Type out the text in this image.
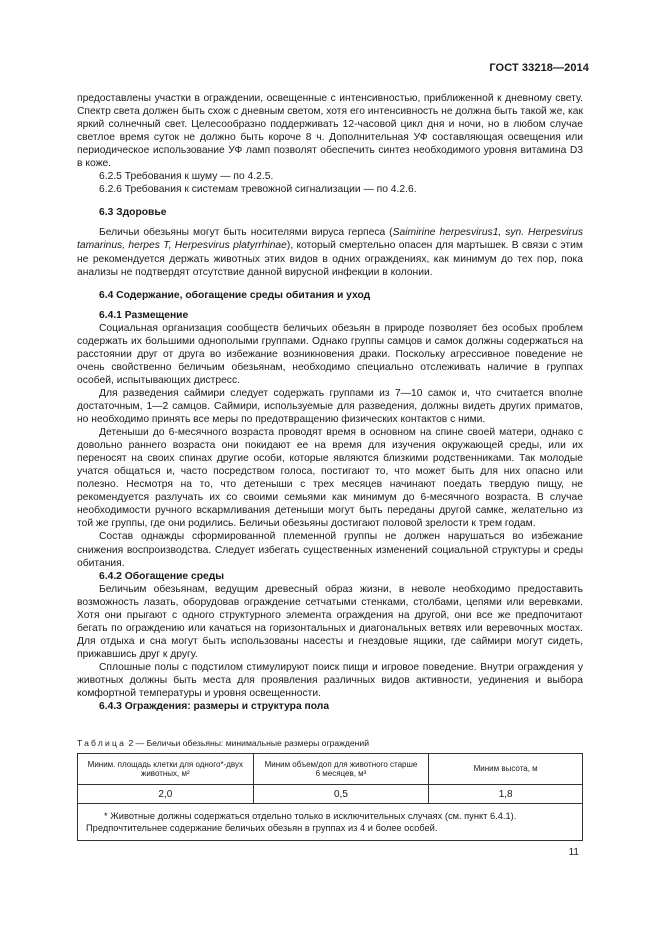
ГОСТ 33218—2014

предоставлены участки в ограждении, освещенные с интенсивностью, приближенной к дневному свету. Спектр света должен быть схож с дневным светом, хотя его интенсивность не должна быть такой же, как яркий солнечный свет. Целесообразно поддерживать 12-часовой цикл дня и ночи, но в любом случае светлое время суток не должно быть короче 8 ч. Дополнительная УФ составляющая освещения или периодическое использование УФ ламп позволят обеспечить синтез необходимого уровня витамина D3 в коже.

6.2.5 Требования к шуму — по 4.2.5.

6.2.6 Требования к системам тревожной сигнализации — по 4.2.6.

6.3 Здоровье

Беличьи обезьяны могут быть носителями вируса герпеса (Saimirine herpesvirus1, syn. Herpesvirus tamarinus, herpes T, Herpesvirus platyrrhinae), который смертельно опасен для мартышек. В связи с этим не рекомендуется держать животных этих видов в одних ограждениях, как минимум до тех пор, пока анализы не подтвердят отсутствие данной вирусной инфекции в колонии.

6.4 Содержание, обогащение среды обитания и уход

6.4.1 Размещение

Социальная организация сообществ беличьих обезьян в природе позволяет без особых проблем содержать их большими однополыми группами. Однако группы самцов и самок должны содержаться на расстоянии друг от друга во избежание возникновения драки. Поскольку агрессивное поведение не очень свойственно беличьим обезьянам, необходимо специально отслеживать наличие в группах особей, испытывающих дистресс.

Для разведения саймири следует содержать группами из 7—10 самок и, что считается вполне достаточным, 1—2 самцов. Саймири, используемые для разведения, должны видеть других приматов, но необходимо принять все меры по предотвращению физических контактов с ними.

Детеныши до 6-месячного возраста проводят время в основном на спине своей матери, однако с довольно раннего возраста они покидают ее на время для изучения окружающей среды, или их переносят на своих спинах другие особи, которые являются близкими родственниками. Так молодые учатся общаться и, часто посредством голоса, постигают то, что может быть для них опасно или полезно. Несмотря на то, что детеныши с трех месяцев начинают поедать твердую пищу, не рекомендуется разлучать их со своими семьями как минимум до 6-месячного возраста. В случае необходимости ручного вскармливания детеныши могут быть переданы другой самке, желательно из той же группы, где они родились. Беличьи обезьяны достигают половой зрелости к трем годам.

Состав однажды сформированной племенной группы не должен нарушаться во избежание снижения воспроизводства. Следует избегать существенных изменений социальной структуры и среды обитания.

6.4.2 Обогащение среды

Беличьим обезьянам, ведущим древесный образ жизни, в неволе необходимо предоставить возможность лазать, оборудовав ограждение сетчатыми стенками, столбами, цепями или веревками. Хотя они прыгают с одного структурного элемента ограждения на другой, они все же предпочитают бегать по ограждению или качаться на горизонтальных и диагональных ветвях или веревочных мостах. Для отдыха и сна могут быть использованы насесты и гнездовые ящики, где саймири могут сидеть, прижавшись друг к другу.

Сплошные полы с подстилом стимулируют поиск пищи и игровое поведение. Внутри ограждения у животных должны быть места для проявления различных видов активности, уединения и выбора комфортной температуры и уровня освещенности.

6.4.3 Ограждения: размеры и структура пола

Таблица 2 — Беличьи обезьяны: минимальные размеры ограждений
Миним. площадь клетки для одного*-двух животных, м²	Миним объем/доп для животного старше 6 месяцев, м³	Миним высота, м
2,0	0,5	1,8
* Животные должны содержаться отдельно только в исключительных случаях (см. пункт 6.4.1). Предпочтительнее содержание беличьих обезьян в группах из 4 и более особей.		
11
